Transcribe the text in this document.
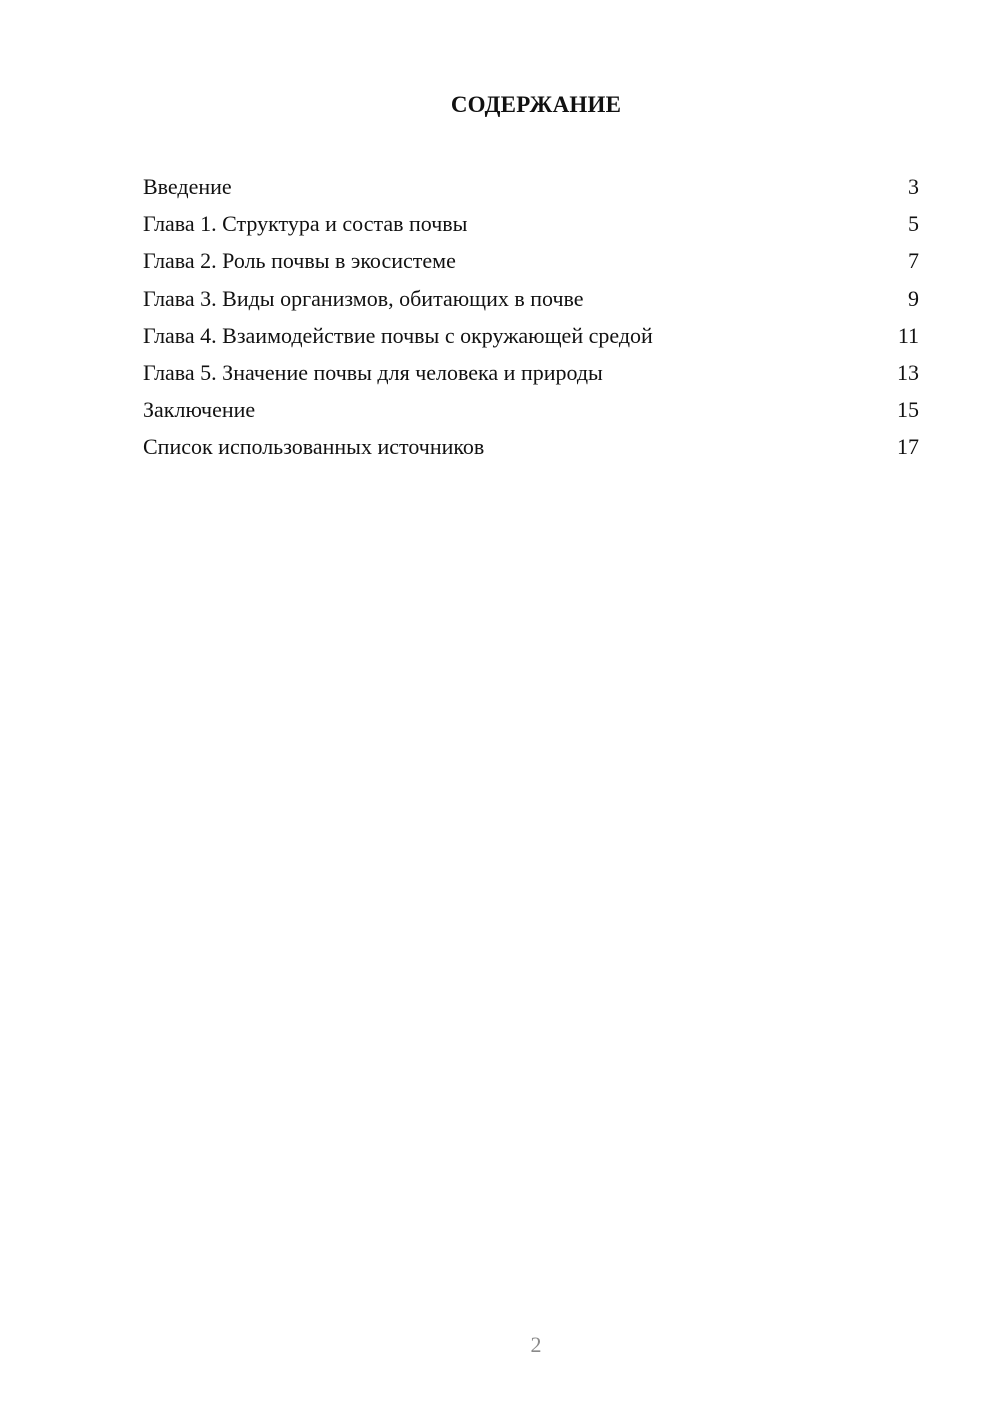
СОДЕРЖАНИЕ
Введение	3
Глава 1. Структура и состав почвы	5
Глава 2. Роль почвы в экосистеме	7
Глава 3. Виды организмов, обитающих в почве	9
Глава 4. Взаимодействие почвы с окружающей средой	11
Глава 5. Значение почвы для человека и природы	13
Заключение	15
Список использованных источников	17
2
